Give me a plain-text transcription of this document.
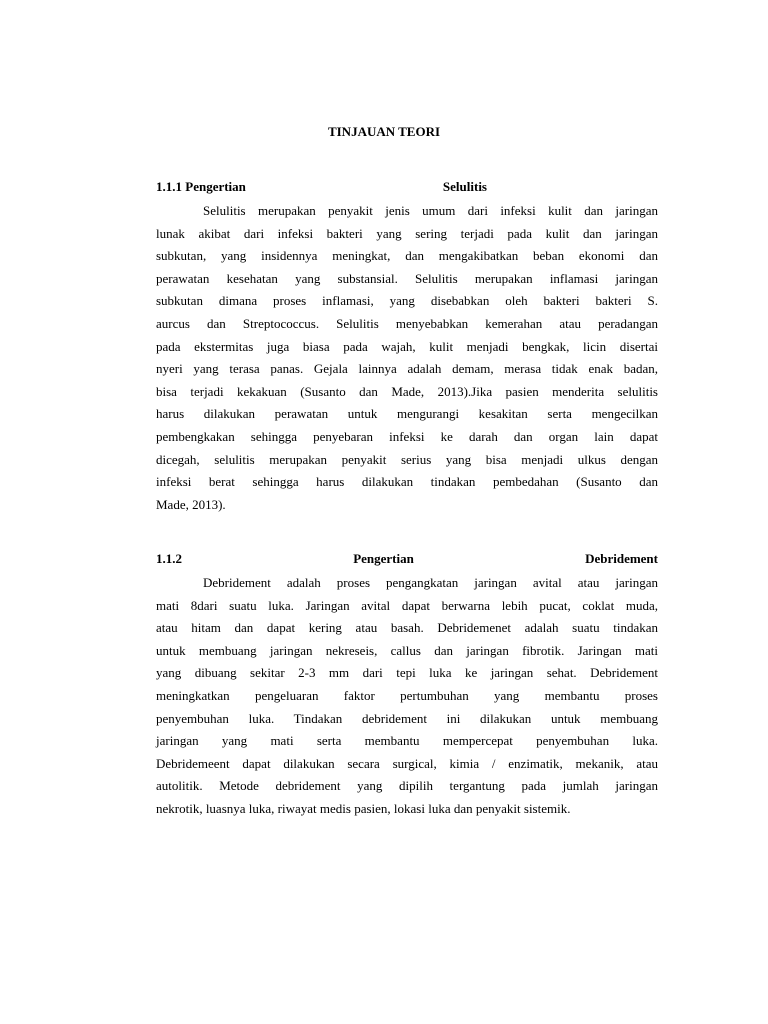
TINJAUAN TEORI
1.1.1 Pengertian	Selulitis
Selulitis merupakan penyakit jenis umum dari infeksi kulit dan jaringan
lunak akibat dari infeksi bakteri yang sering terjadi pada kulit dan jaringan
subkutan, yang insidennya meningkat, dan mengakibatkan beban ekonomi dan
perawatan kesehatan yang substansial. Selulitis merupakan inflamasi jaringan
subkutan dimana proses inflamasi, yang disebabkan oleh bakteri bakteri S.
aurcus dan Streptococcus. Selulitis menyebabkan kemerahan atau peradangan
pada ekstermitas juga biasa pada wajah, kulit menjadi bengkak, licin disertai
nyeri yang terasa panas. Gejala lainnya adalah demam, merasa tidak enak badan,
bisa terjadi kekakuan (Susanto dan Made, 2013).Jika pasien menderita selulitis
harus dilakukan perawatan untuk mengurangi kesakitan serta mengecilkan
pembengkakan sehingga penyebaran infeksi ke darah dan organ lain dapat
dicegah, selulitis merupakan penyakit serius yang bisa menjadi ulkus dengan
infeksi berat sehingga harus dilakukan tindakan pembedahan (Susanto dan
Made, 2013).
1.1.2	Pengertian	Debridement
Debridement adalah proses pengangkatan jaringan avital atau jaringan
mati 8dari suatu luka. Jaringan avital dapat berwarna lebih pucat, coklat muda,
atau hitam dan dapat kering atau basah. Debridemenet adalah suatu tindakan
untuk membuang jaringan nekreseis, callus dan jaringan fibrotik. Jaringan mati
yang dibuang sekitar 2-3 mm dari tepi luka ke jaringan sehat. Debridement
meningkatkan pengeluaran faktor pertumbuhan yang membantu proses
penyembuhan luka. Tindakan debridement ini dilakukan untuk membuang
jaringan yang mati serta membantu mempercepat penyembuhan luka.
Debridemeent dapat dilakukan secara surgical, kimia / enzimatik, mekanik, atau
autolitik. Metode debridement yang dipilih tergantung pada jumlah jaringan
nekrotik, luasnya luka, riwayat medis pasien, lokasi luka dan penyakit sistemik.
